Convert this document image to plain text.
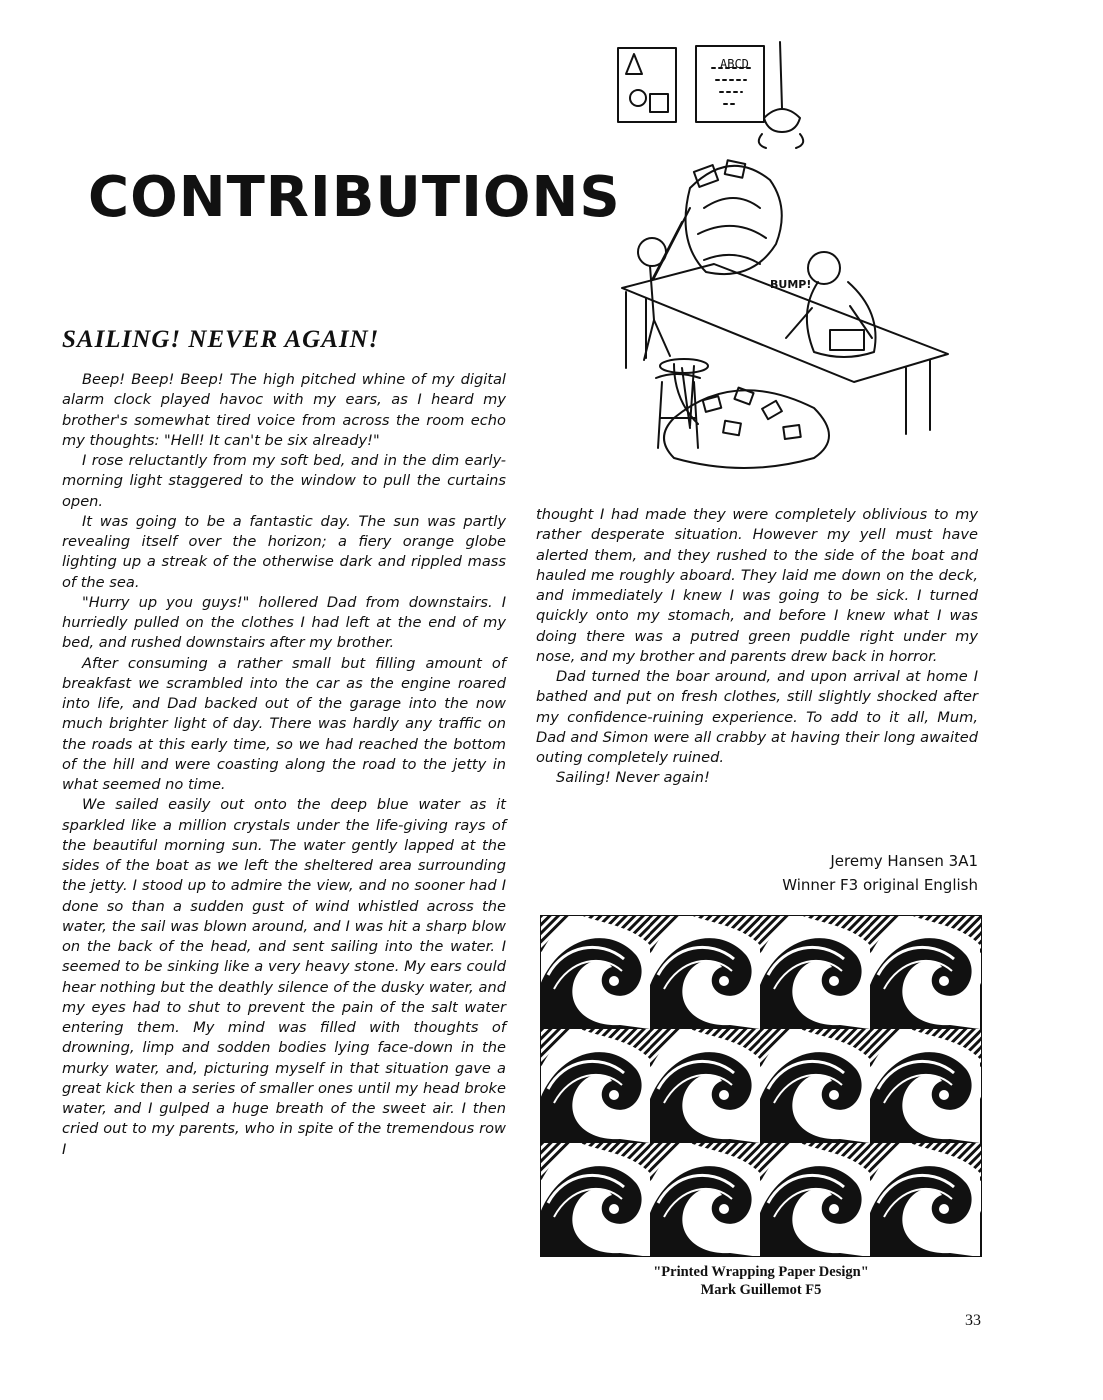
CONTRIBUTIONS
SAILING! NEVER AGAIN!

Beep! Beep! Beep! The high pitched whine of my digital alarm clock played havoc with my ears, as I heard my brother's somewhat tired voice from across the room echo my thoughts: "Hell! It can't be six already!"

I rose reluctantly from my soft bed, and in the dim early-morning light staggered to the window to pull the curtains open.

It was going to be a fantastic day. The sun was partly revealing itself over the horizon; a fiery orange globe lighting up a streak of the otherwise dark and rippled mass of the sea.

"Hurry up you guys!" hollered Dad from downstairs. I hurriedly pulled on the clothes I had left at the end of my bed, and rushed downstairs after my brother.

After consuming a rather small but filling amount of breakfast we scrambled into the car as the engine roared into life, and Dad backed out of the garage into the now much brighter light of day. There was hardly any traffic on the roads at this early time, so we had reached the bottom of the hill and were coasting along the road to the jetty in what seemed no time.

We sailed easily out onto the deep blue water as it sparkled like a million crystals under the life-giving rays of the beautiful morning sun. The water gently lapped at the sides of the boat as we left the sheltered area surrounding the jetty. I stood up to admire the view, and no sooner had I done so than a sudden gust of wind whistled across the water, the sail was blown around, and I was hit a sharp blow on the back of the head, and sent sailing into the water. I seemed to be sinking like a very heavy stone. My ears could hear nothing but the deathly silence of the dusky water, and my eyes had to shut to prevent the pain of the salt water entering them. My mind was filled with thoughts of drowning, limp and sodden bodies lying face-down in the murky water, and, picturing myself in that situation gave a great kick then a series of smaller ones until my head broke water, and I gulped a huge breath of the sweet air. I then cried out to my parents, who in spite of the tremendous row I

thought I had made they were completely oblivious to my rather desperate situation. However my yell must have alerted them, and they rushed to the side of the boat and hauled me roughly aboard. They laid me down on the deck, and immediately I knew I was going to be sick. I turned quickly onto my stomach, and before I knew what I was doing there was a putred green puddle right under my nose, and my brother and parents drew back in horror.

Dad turned the boar around, and upon arrival at home I bathed and put on fresh clothes, still slightly shocked after my confidence-ruining experience. To add to it all, Mum, Dad and Simon were all crabby at having their long awaited outing completely ruined.

Sailing! Never again!

Jeremy Hansen 3A1
Winner F3 original English
ABCD
BUMP!
"Printed Wrapping Paper Design"
Mark Guillemot F5
33
